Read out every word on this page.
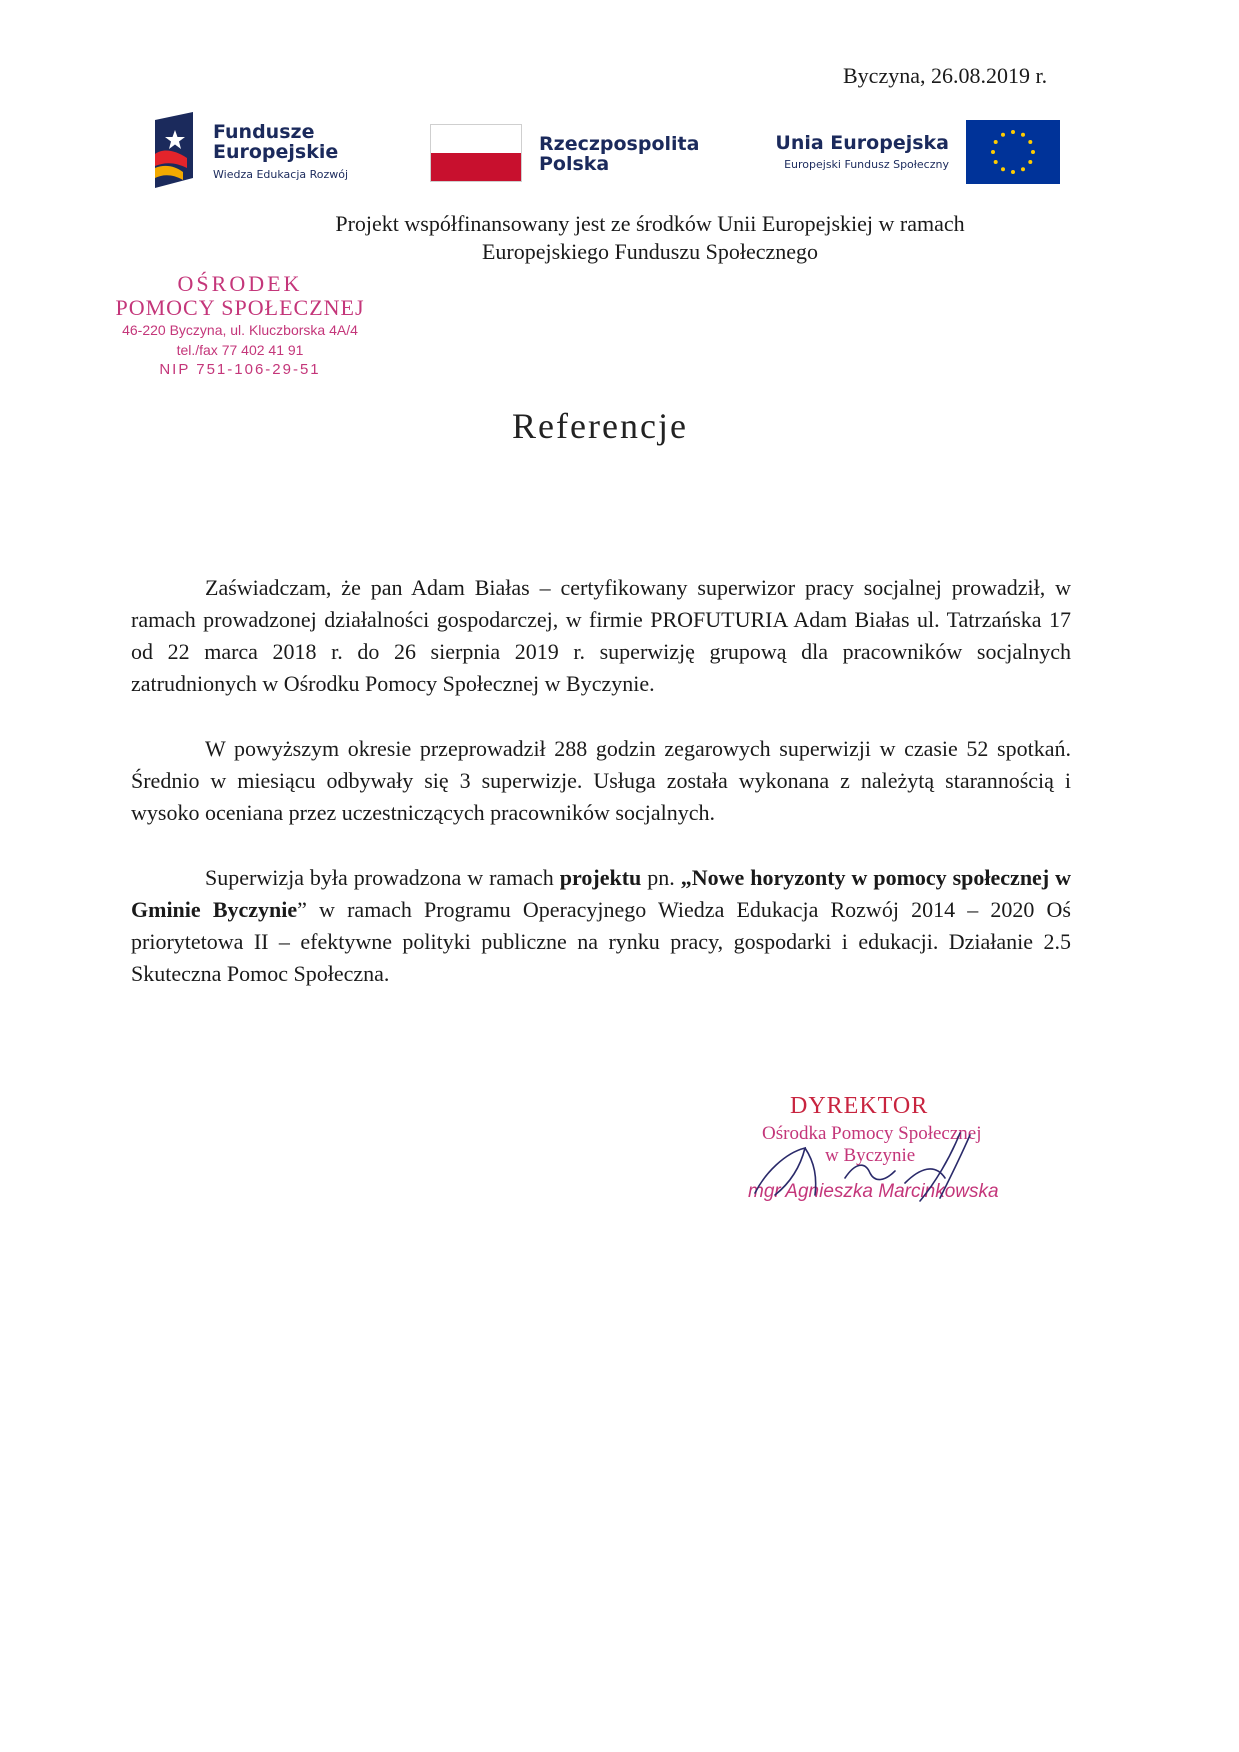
Byczyna, 26.08.2019 r.
Fundusze
Europejskie
Wiedza Edukacja Rozwój
Rzeczpospolita
Polska
Unia Europejska
Europejski Fundusz Społeczny
Projekt współfinansowany jest ze środków Unii Europejskiej w ramach
Europejskiego Funduszu Społecznego
OŚRODEK
POMOCY SPOŁECZNEJ
46-220 Byczyna, ul. Kluczborska 4A/4
tel./fax 77 402 41 91
NIP 751-106-29-51
Referencje

Zaświadczam, że pan Adam Białas – certyfikowany superwizor pracy socjalnej prowadził, w ramach prowadzonej działalności gospodarczej, w firmie PROFUTURIA Adam Białas ul. Tatrzańska 17 od 22 marca 2018 r. do 26 sierpnia 2019 r. superwizję grupową dla pracowników socjalnych zatrudnionych w Ośrodku Pomocy Społecznej w Byczynie.

W powyższym okresie przeprowadził 288 godzin zegarowych superwizji w czasie 52 spotkań. Średnio w miesiącu odbywały się 3 superwizje. Usługa została wykonana z należytą starannością i wysoko oceniana przez uczestniczących pracowników socjalnych.

Superwizja była prowadzona w ramach projektu pn. „Nowe horyzonty w pomocy społecznej w Gminie Byczynie” w ramach Programu Operacyjnego Wiedza Edukacja Rozwój 2014 – 2020 Oś priorytetowa II – efektywne polityki publiczne na rynku pracy, gospodarki i edukacji. Działanie 2.5 Skuteczna Pomoc Społeczna.

DYREKTOR
Ośrodka Pomocy Społecznej
w Byczynie
mgr Agnieszka Marcinkowska
